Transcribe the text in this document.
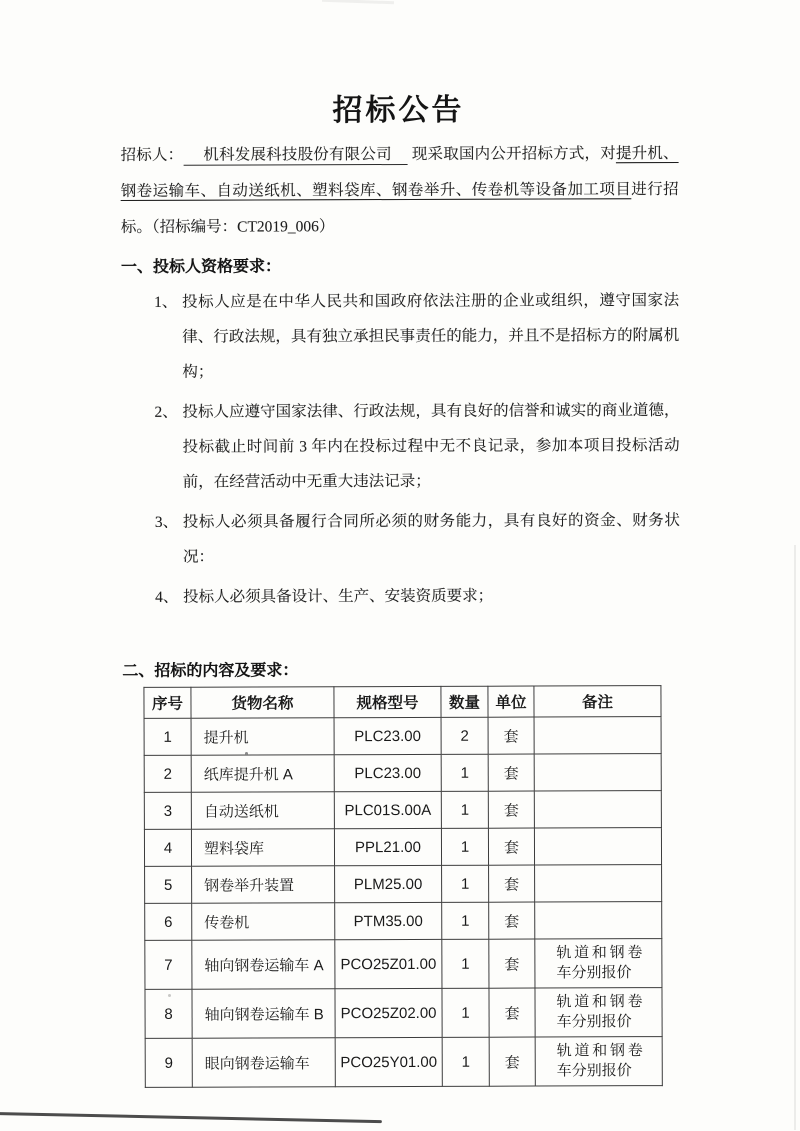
招标公告

招标人： 机科发展科技股份有限公司 现采取国内公开招标方式，对提升机、钢卷运输车、自动送纸机、塑料袋库、钢卷举升、传卷机等设备加工项目进行招标。（招标编号：CT2019_006）

一、投标人资格要求：
1、 投标人应是在中华人民共和国政府依法注册的企业或组织，遵守国家法律、行政法规，具有独立承担民事责任的能力，并且不是招标方的附属机构；
2、 投标人应遵守国家法律、行政法规，具有良好的信誉和诚实的商业道德，投标截止时间前 3 年内在投标过程中无不良记录，参加本项目投标活动前，在经营活动中无重大违法记录；
3、 投标人必须具备履行合同所必须的财务能力，具有良好的资金、财务状况：
4、 投标人必须具备设计、生产、安装资质要求；
二、招标的内容及要求：
序号	货物名称	规格型号	数量	单位	备注
1	提升机	PLC23.00	2	套	
2	纸库提升机 A	PLC23.00	1	套	
3	自动送纸机	PLC01S.00A	1	套	
4	塑料袋库	PPL21.00	1	套	
5	钢卷举升装置	PLM25.00	1	套	
6	传卷机	PTM35.00	1	套	
7	轴向钢卷运输车 A	PCO25Z01.00	1	套	轨道和钢卷车分别报价
8	轴向钢卷运输车 B	PCO25Z02.00	1	套	轨道和钢卷车分别报价
9	眼向钢卷运输车	PCO25Y01.00	1	套	轨道和钢卷车分别报价
